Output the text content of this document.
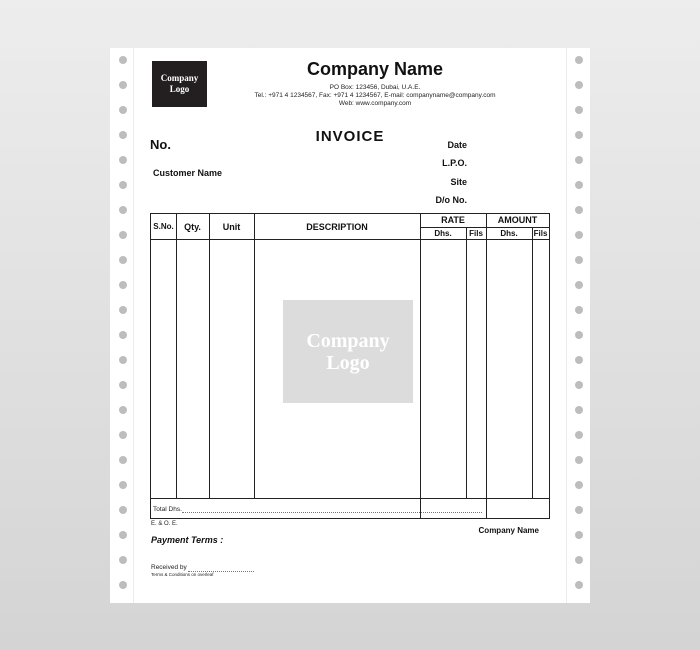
Company
Logo
Company Name
PO Box: 123456, Dubai, U.A.E.
Tel.: +971 4 1234567, Fax: +971 4 1234567, E-mail: companyname@company.com
Web: www.company.com
INVOICE
No.
Customer Name
Date
L.P.O.
Site
D/o No.
S.No.	Qty.	Unit	DESCRIPTION
RATE	AMOUNT
Dhs.	Fils	Dhs.	Fils
Company
Logo
Total Dhs.
E. & O. E.
Company Name
Payment Terms :
Received by
Terms & Conditions on overleaf
